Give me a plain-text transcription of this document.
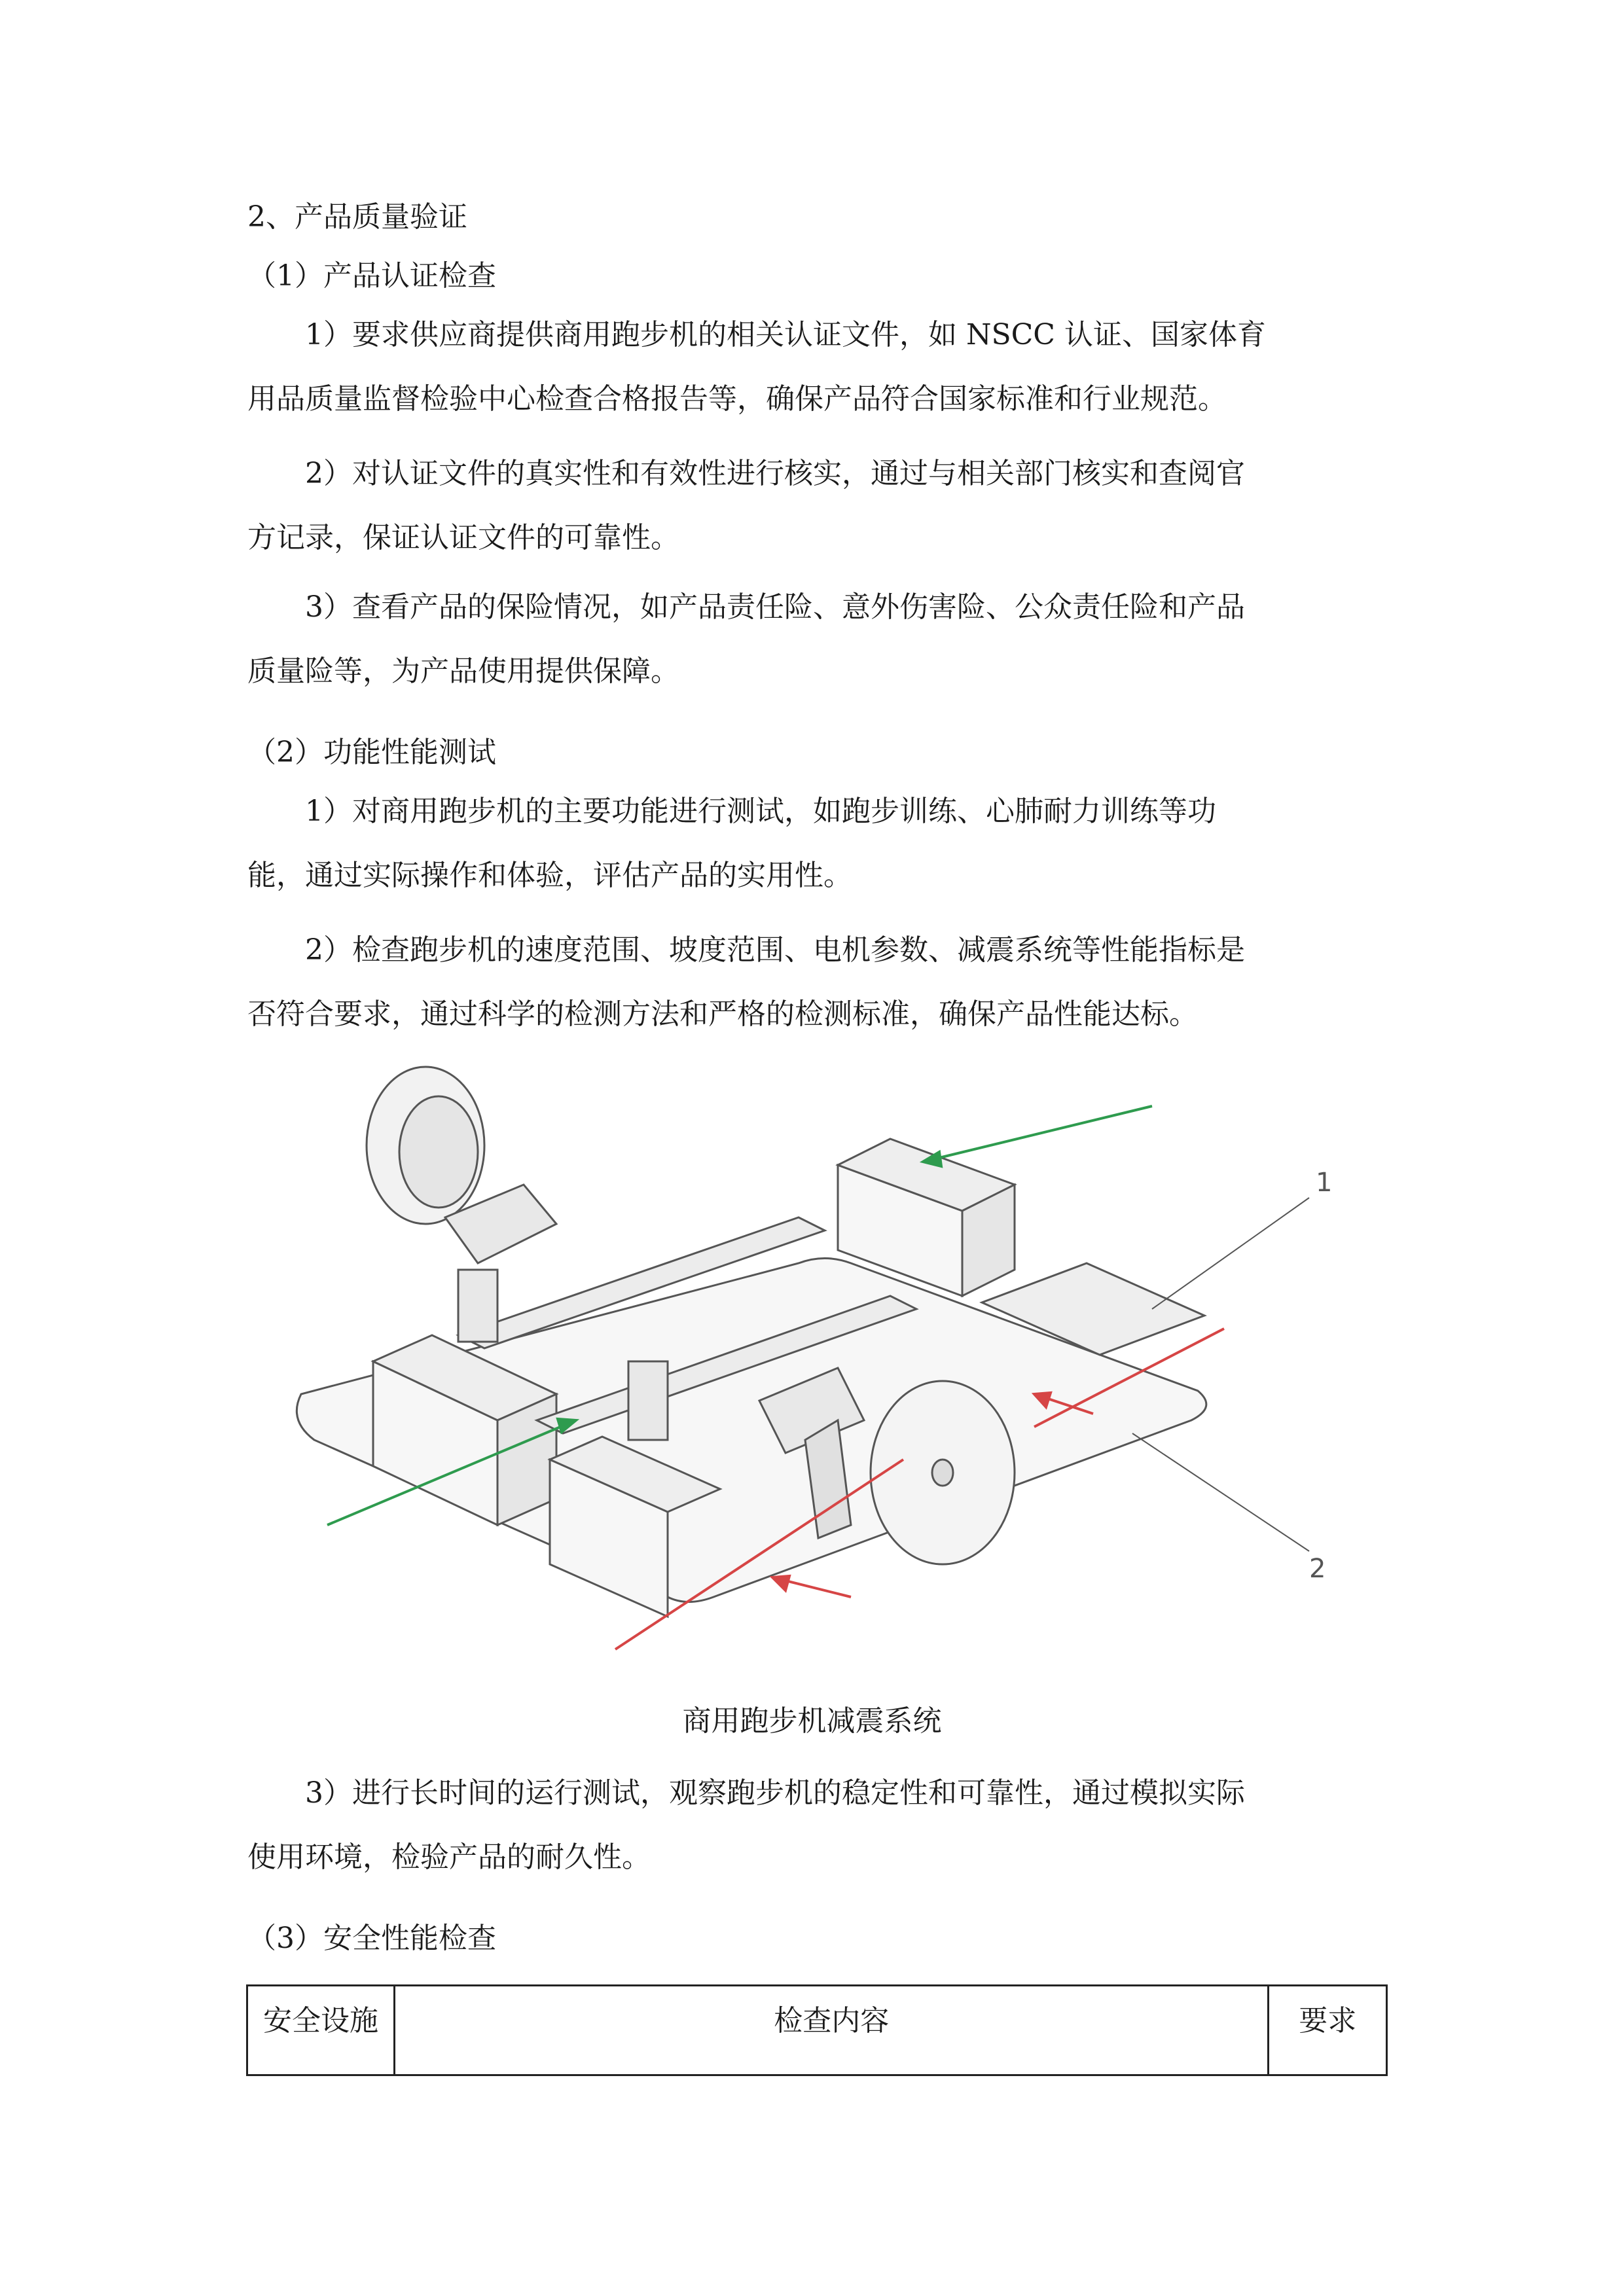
2、产品质量验证
（1）产品认证检查
1）要求供应商提供商用跑步机的相关认证文件，如 NSCC 认证、国家体育
用品质量监督检验中心检查合格报告等，确保产品符合国家标准和行业规范。
2）对认证文件的真实性和有效性进行核实，通过与相关部门核实和查阅官
方记录，保证认证文件的可靠性。
3）查看产品的保险情况，如产品责任险、意外伤害险、公众责任险和产品
质量险等，为产品使用提供保障。
（2）功能性能测试
1）对商用跑步机的主要功能进行测试，如跑步训练、心肺耐力训练等功
能，通过实际操作和体验，评估产品的实用性。
2）检查跑步机的速度范围、坡度范围、电机参数、减震系统等性能指标是
否符合要求，通过科学的检测方法和严格的检测标准，确保产品性能达标。
1
2
商用跑步机减震系统
3）进行长时间的运行测试，观察跑步机的稳定性和可靠性，通过模拟实际
使用环境，检验产品的耐久性。
（3）安全性能检查
安全设施	检查内容	要求
